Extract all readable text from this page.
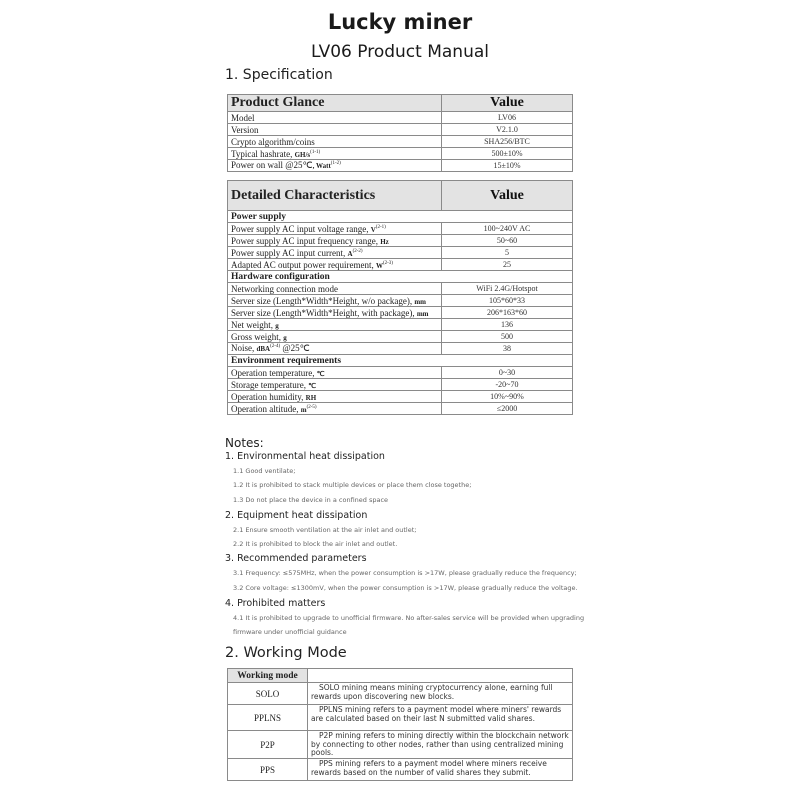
Lucky miner
LV06 Product Manual
1. Specification
Product Glance	Value
Model	LV06
Version	V2.1.0
Crypto algorithm/coins	SHA256/BTC
Typical hashrate, $GH/s^{(1-1)}$	500±10%
Power on wall @25℃, Watt$^{(1-2)}$	15±10%
Detailed Characteristics	Value
Power supply	
Power supply AC input voltage range, $V^{(2-1)}$	100~240V AC
Power supply AC input frequency range, Hz	50~60
Power supply AC input current, $A^{(2-2)}$	5
Adapted AC output power requirement, $W^{(2-3)}$	25
Hardware configuration	
Networking connection mode	WiFi 2.4G/Hotspot
Server size (Length*Width*Height, w/o package), mm	105*60*33
Server size (Length*Width*Height, with package), mm	206*163*60
Net weight, g	136
Gross weight, g	500
Noise, dBA$^{(2-4)}$ @25℃	38
Environment requirements	
Operation temperature, ℃	0~30
Storage temperature, ℃	-20~70
Operation humidity, RH	10%~90%
Operation altitude, $m^{(2-5)}$	≤2000
Notes:
1. Environmental heat dissipation
1.1 Good ventilate;
1.2 It is prohibited to stack multiple devices or place them close togethe;
1.3 Do not place the device in a confined space
2. Equipment heat dissipation
2.1 Ensure smooth ventilation at the air inlet and outlet;
2.2 It is prohibited to block the air inlet and outlet.
3. Recommended parameters
3.1 Frequency: ≤575MHz, when the power consumption is >17W, please gradually reduce the frequency;
3.2 Core voltage: ≤1300mV, when the power consumption is >17W, please gradually reduce the voltage.
4. Prohibited matters
4.1 It is prohibited to upgrade to unofficial firmware. No after-sales service will be provided when upgrading
firmware under unofficial guidance
2. Working Mode
Working mode	
SOLO	SOLO mining means mining cryptocurrency alone, earning full rewards upon discovering new blocks.
PPLNS	PPLNS mining refers to a payment model where miners' rewards are calculated based on their last N submitted valid shares.
P2P	P2P mining refers to mining directly within the blockchain network by connecting to other nodes, rather than using centralized mining pools.
PPS	PPS mining refers to a payment model where miners receive rewards based on the number of valid shares they submit.
